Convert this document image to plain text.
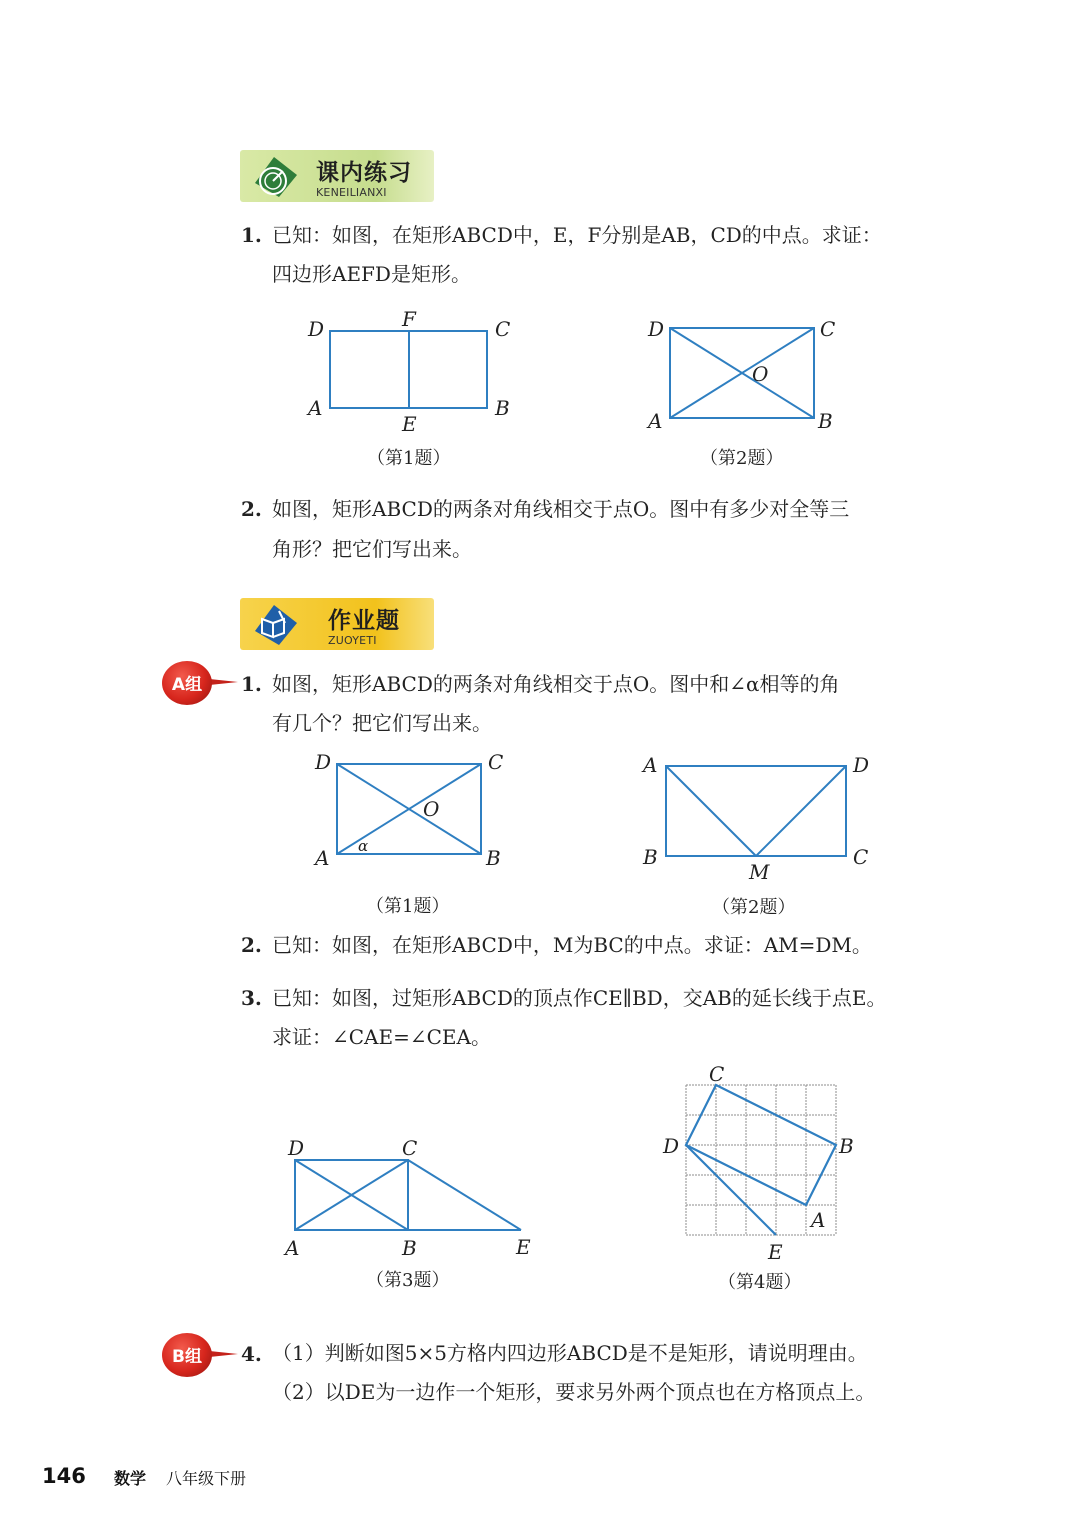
课内练习
KENEILIANXI
1. 已知：如图，在矩形ABCD中，E，F分别是AB，CD的中点。求证：
四边形AEFD是矩形。
D	F	C
A
E
B
（第1题）
D	C
O
A	B
（第2题）
2. 如图，矩形ABCD的两条对角线相交于点O。图中有多少对全等三
角形？把它们写出来。
作业题
ZUOYETI
A组 1. 如图，矩形ABCD的两条对角线相交于点O。图中和∠α相等的角
有几个？把它们写出来。
D	C
O
A α	B
（第1题）
A	D
B
M
C
（第2题）
2. 已知：如图，在矩形ABCD中，M为BC的中点。求证：AM=DM。
3. 已知：如图，过矩形ABCD的顶点作CE∥BD，交AB的延长线于点E。
求证：∠CAE=∠CEA。
D	C
A	B	E
（第3题）
C
D	B
A
E
（第4题）
B组	4. （1）判断如图5×5方格内四边形ABCD是不是矩形，请说明理由。
（2）以DE为一边作一个矩形，要求另外两个顶点也在方格顶点上。
146 数学 八年级下册
